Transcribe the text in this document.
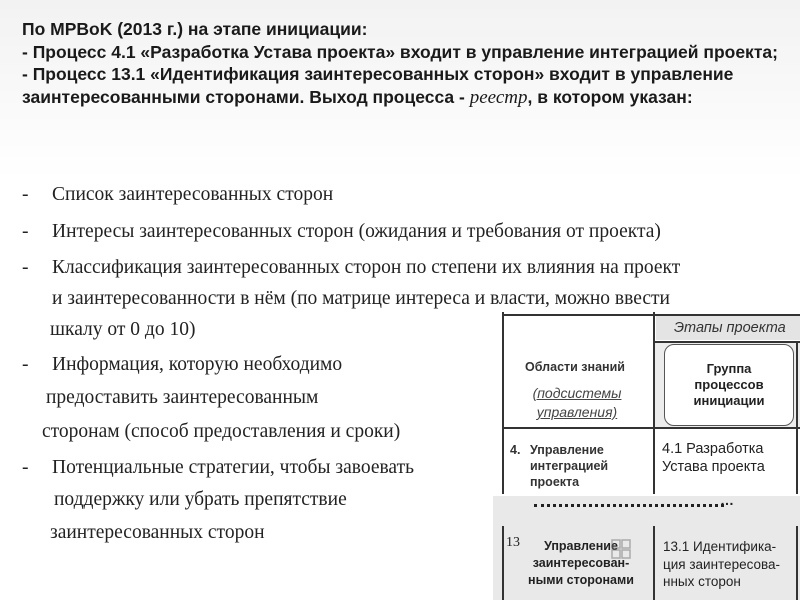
По MPBoK (2013 г.) на этапе инициации:

- Процесс 4.1 «Разработка Устава проекта» входит в управление интеграцией проекта;

- Процесс 13.1 «Идентификация заинтересованных сторон» входит в управление заинтересованными сторонами. Выход процесса - реестр, в котором указан:

- Список заинтересованных сторон
- Интересы заинтересованных сторон (ожидания и требования от проекта)
- Классификация заинтересованных сторон по степени их влияния на проект
и заинтересованности в нём (по матрице интереса и власти, можно ввести
шкалу от 0 до 10)
- Информация, которую необходимо
предоставить заинтересованным
сторонам (способ предоставления и сроки)
- Потенциальные стратегии, чтобы завоевать
поддержку или убрать препятствие
заинтересованных сторон
Этапы проекта
Области знаний
(подсистемы
управления)
Группа
процессов
инициации
4. Управление
интеграцией
проекта
4.1 Разработка
Устава проекта
…
13	Управление
заинтересован-
ными сторонами
13.1 Идентифика-
ция заинтересова-
нных сторон
